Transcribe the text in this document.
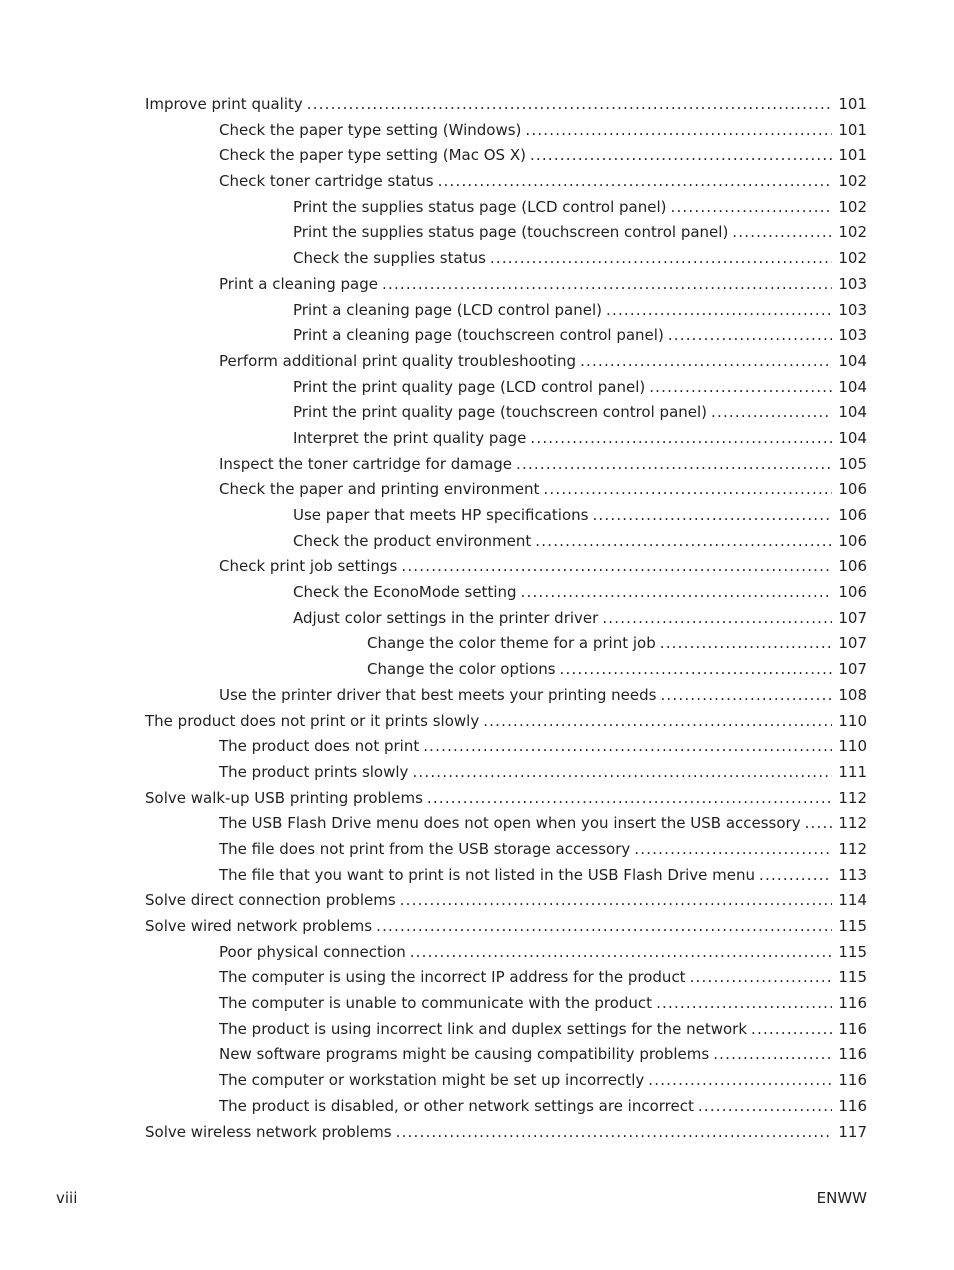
Improve print quality .....	101
Check the paper type setting (Windows) .....	101
Check the paper type setting (Mac OS X) .....	101
Check toner cartridge status .....	102
Print the supplies status page (LCD control panel) .....	102
Print the supplies status page (touchscreen control panel) .....	102
Check the supplies status .....	102
Print a cleaning page .....	103
Print a cleaning page (LCD control panel) .....	103
Print a cleaning page (touchscreen control panel) .....	103
Perform additional print quality troubleshooting .....	104
Print the print quality page (LCD control panel) .....	104
Print the print quality page (touchscreen control panel) .....	104
Interpret the print quality page .....	104
Inspect the toner cartridge for damage .....	105
Check the paper and printing environment .....	106
Use paper that meets HP specifications .....	106
Check the product environment .....	106
Check print job settings .....	106
Check the EconoMode setting .....	106
Adjust color settings in the printer driver .....	107
Change the color theme for a print job .....	107
Change the color options .....	107
Use the printer driver that best meets your printing needs .....	108
The product does not print or it prints slowly .....	110
The product does not print .....	110
The product prints slowly .....	111
Solve walk-up USB printing problems .....	112
The USB Flash Drive menu does not open when you insert the USB accessory .....	112
The file does not print from the USB storage accessory .....	112
The file that you want to print is not listed in the USB Flash Drive menu .....	113
Solve direct connection problems .....	114
Solve wired network problems .....	115
Poor physical connection .....	115
The computer is using the incorrect IP address for the product .....	115
The computer is unable to communicate with the product .....	116
The product is using incorrect link and duplex settings for the network .....	116
New software programs might be causing compatibility problems .....	116
The computer or workstation might be set up incorrectly .....	116
The product is disabled, or other network settings are incorrect .....	116
Solve wireless network problems .....	117
viii	ENWW
